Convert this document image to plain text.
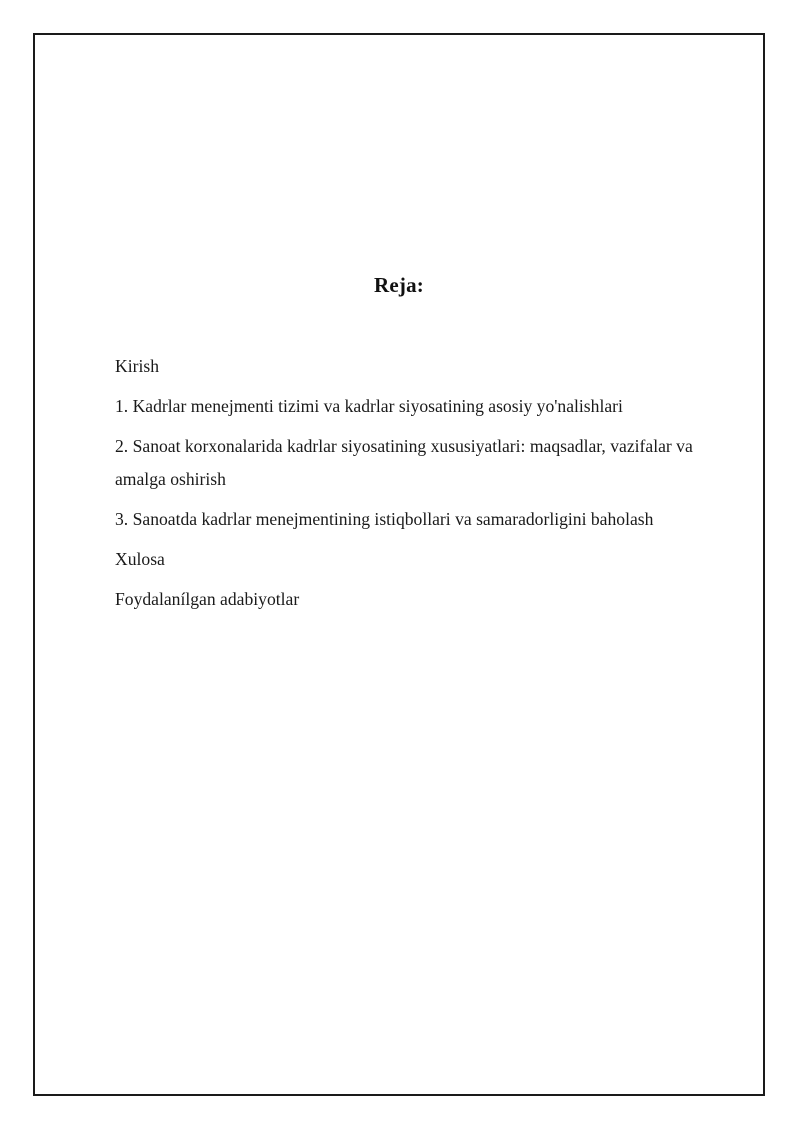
Reja:
Kirish
1. Kadrlar menejmenti tizimi va kadrlar siyosatining asosiy yo'nalishlari
2. Sanoat korxonalarida kadrlar siyosatining xususiyatlari: maqsadlar, vazifalar va amalga oshirish
3. Sanoatda kadrlar menejmentining istiqbollari va samaradorligini baholash
Xulosa
Foydalanílgan adabiyotlar
